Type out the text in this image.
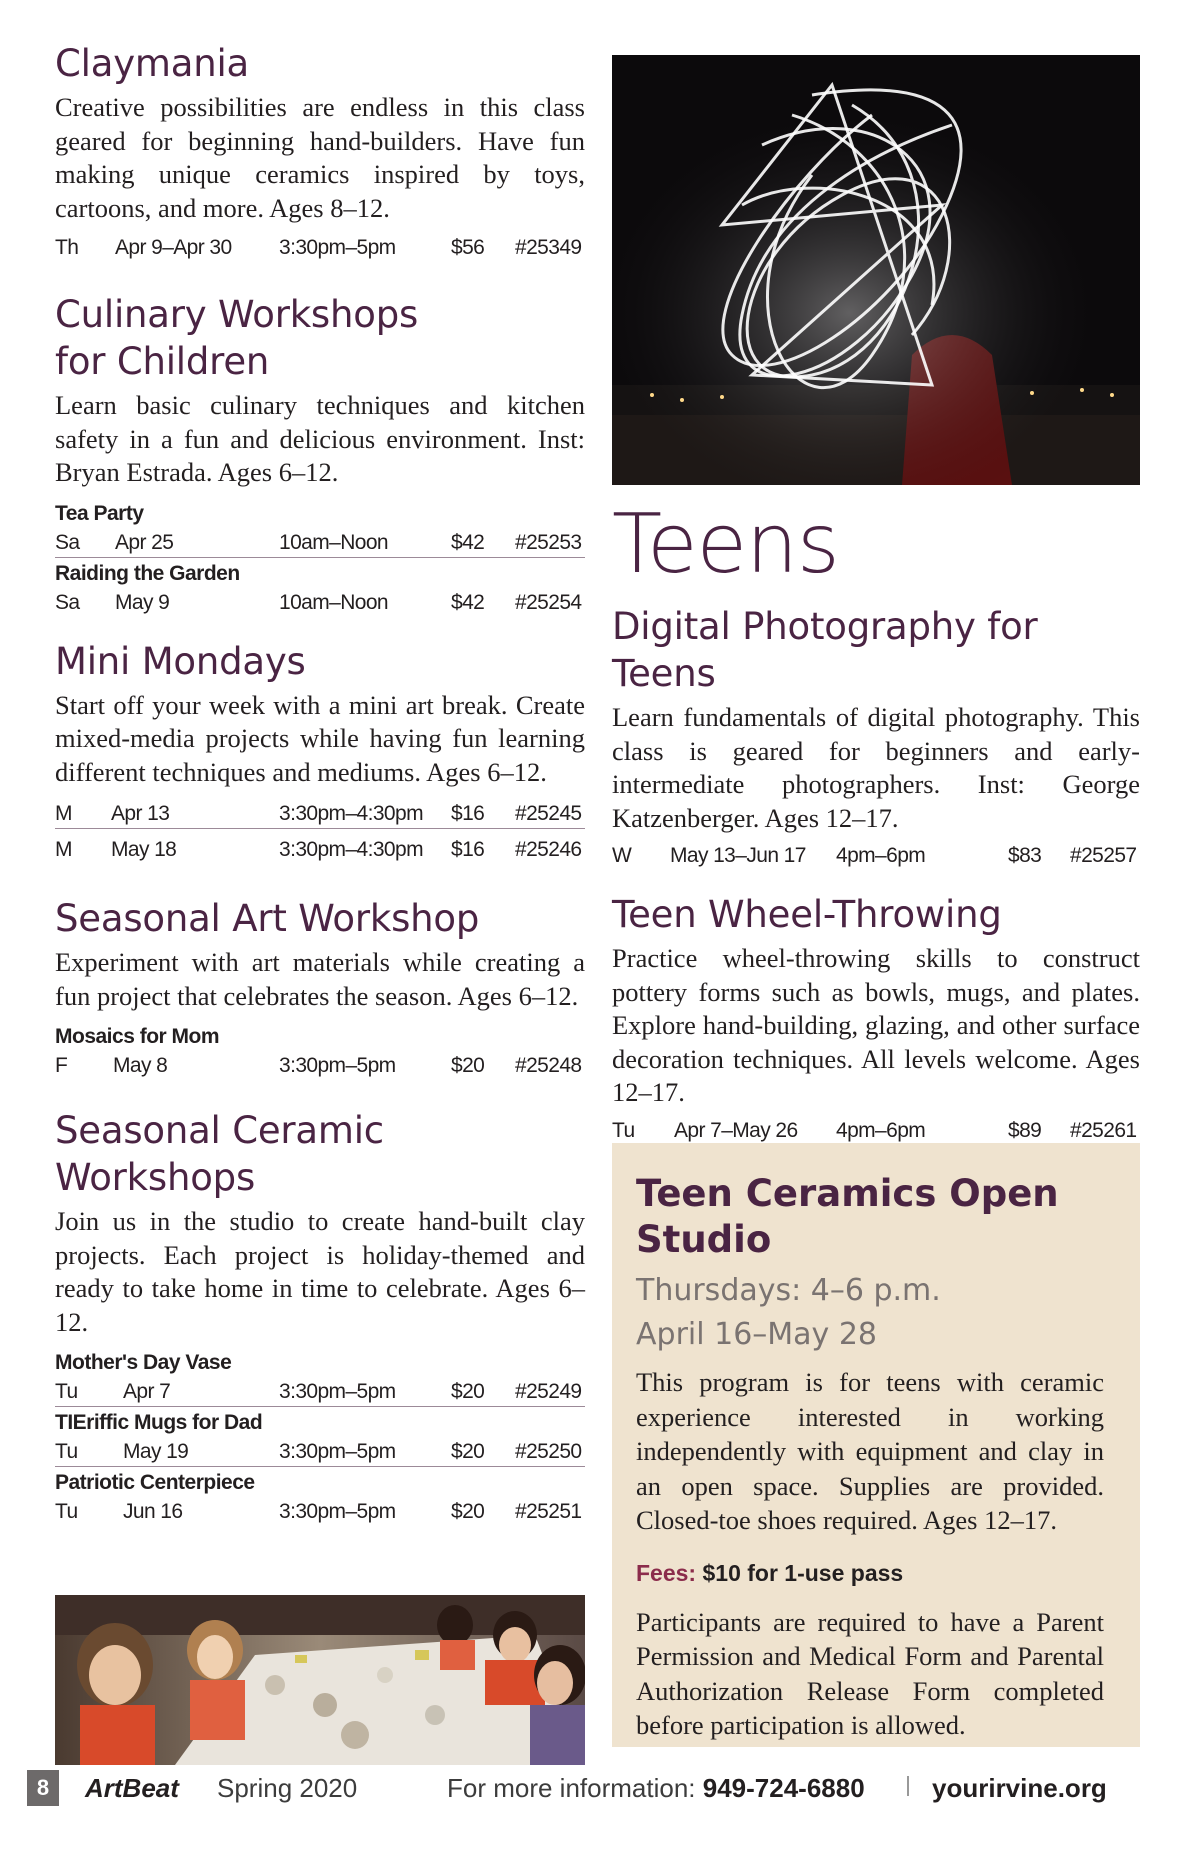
Claymania

Creative possibilities are endless in this class geared for beginning hand-builders. Have fun making unique ceramics inspired by toys, cartoons, and more. Ages 8–12.

Th Apr 9–Apr 30 3:30pm–5pm	$56 #25349
Culinary Workshops
for Children

Learn basic culinary techniques and kitchen safety in a fun and delicious environment. Inst: Bryan Estrada. Ages 6–12.

Tea Party
Sa Apr 25	10am–Noon	$42 #25253
Raiding the Garden
Sa May 9	10am–Noon	$42 #25254
Mini Mondays

Start off your week with a mini art break. Create mixed-media projects while having fun learning different techniques and mediums. Ages 6–12.

M Apr 13	3:30pm–4:30pm $16 #25245
M May 18	3:30pm–4:30pm $16 #25246
Seasonal Art Workshop

Experiment with art materials while creating a fun project that celebrates the season. Ages 6–12.

Mosaics for Mom
F May 8	3:30pm–5pm	$20 #25248
Seasonal Ceramic Workshops

Join us in the studio to create hand-built clay projects. Each project is holiday-themed and ready to take home in time to celebrate. Ages 6–12.

Mother's Day Vase
Tu Apr 7	3:30pm–5pm	$20 #25249
TIEriffic Mugs for Dad
Tu May 19	3:30pm–5pm	$20 #25250
Patriotic Centerpiece
Tu Jun 16	3:30pm–5pm	$20 #25251
Teens
Digital Photography for Teens

Learn fundamentals of digital photography. This class is geared for beginners and early-intermediate photographers. Inst: George Katzenberger. Ages 12–17.

W May 13–Jun 17 4pm–6pm	$83 #25257
Teen Wheel-Throwing

Practice wheel-throwing skills to construct pottery forms such as bowls, mugs, and plates. Explore hand-building, glazing, and other surface decoration techniques. All levels welcome. Ages 12–17.

Tu Apr 7–May 26 4pm–6pm	$89 #25261
Teen Ceramics Open Studio
Thursdays: 4–6 p.m.
April 16–May 28

This program is for teens with ceramic experience interested in working independently with equipment and clay in an open space. Supplies are provided. Closed-toe shoes required. Ages 12–17.

Fees: $10 for 1-use pass

Participants are required to have a Parent Permission and Medical Form and Parental Authorization Release Form completed before participation is allowed.

8	ArtBeat Spring 2020	For more information: 949-724-6880	yourirvine.org
